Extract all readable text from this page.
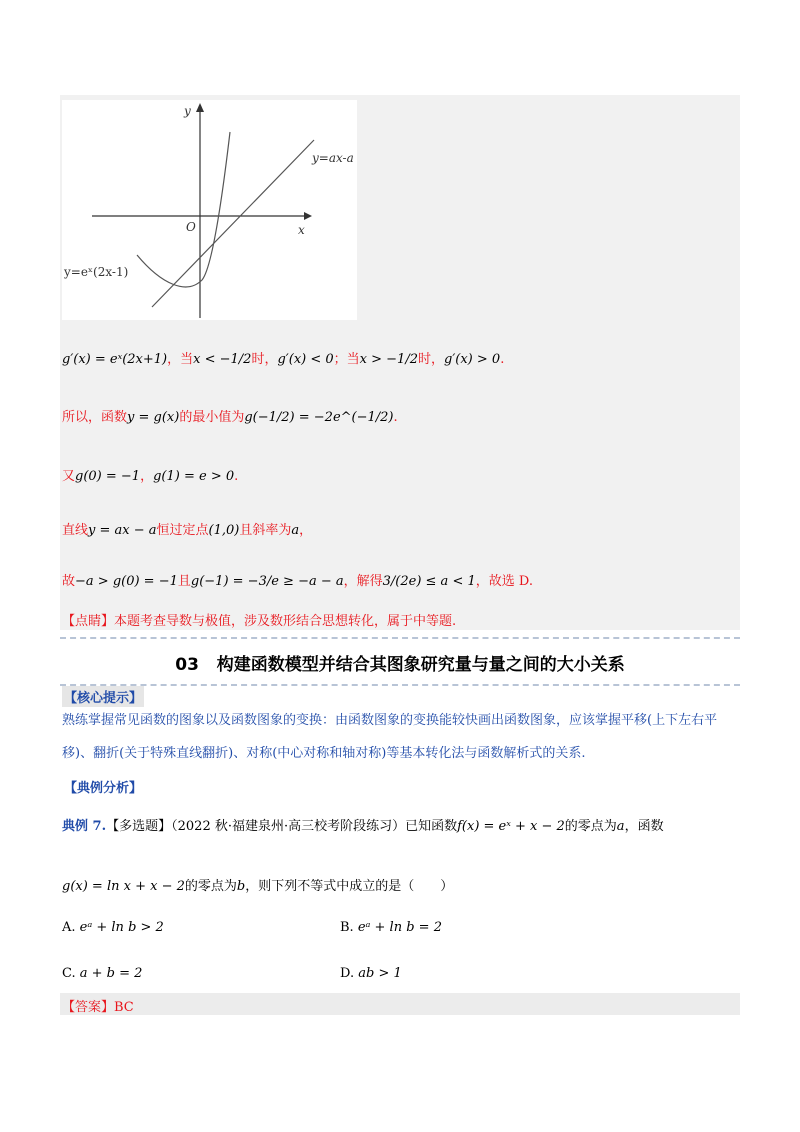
y
x
O
y=ax-a
y=eˣ(2x-1)
g′(x) = eˣ(2x+1)，当x < −1/2时，g′(x) < 0；当x > −1/2时，g′(x) > 0.
所以，函数y = g(x)的最小值为g(−1/2) = −2e^(−1/2).
又g(0) = −1，g(1) = e > 0.
直线y = ax − a恒过定点(1,0)且斜率为a，
故−a > g(0) = −1且g(−1) = −3/e ≥ −a − a，解得3/(2e) ≤ a < 1，故选 D.
【点睛】本题考查导数与极值，涉及数形结合思想转化，属于中等题.
03 构建函数模型并结合其图象研究量与量之间的大小关系
【核心提示】
熟练掌握常见函数的图象以及函数图象的变换：由函数图象的变换能较快画出函数图象，应该掌握平移(上下左右平移)、翻折(关于特殊直线翻折)、对称(中心对称和轴对称)等基本转化法与函数解析式的关系.
【典例分析】
典例 7.【多选题】（2022 秋·福建泉州·高三校考阶段练习）已知函数f(x) = eˣ + x − 2的零点为a，函数
g(x) = ln x + x − 2的零点为b，则下列不等式中成立的是（　　）
A. eᵃ + ln b > 2	B. eᵃ + ln b = 2
C. a + b = 2	D. ab > 1
【答案】BC
